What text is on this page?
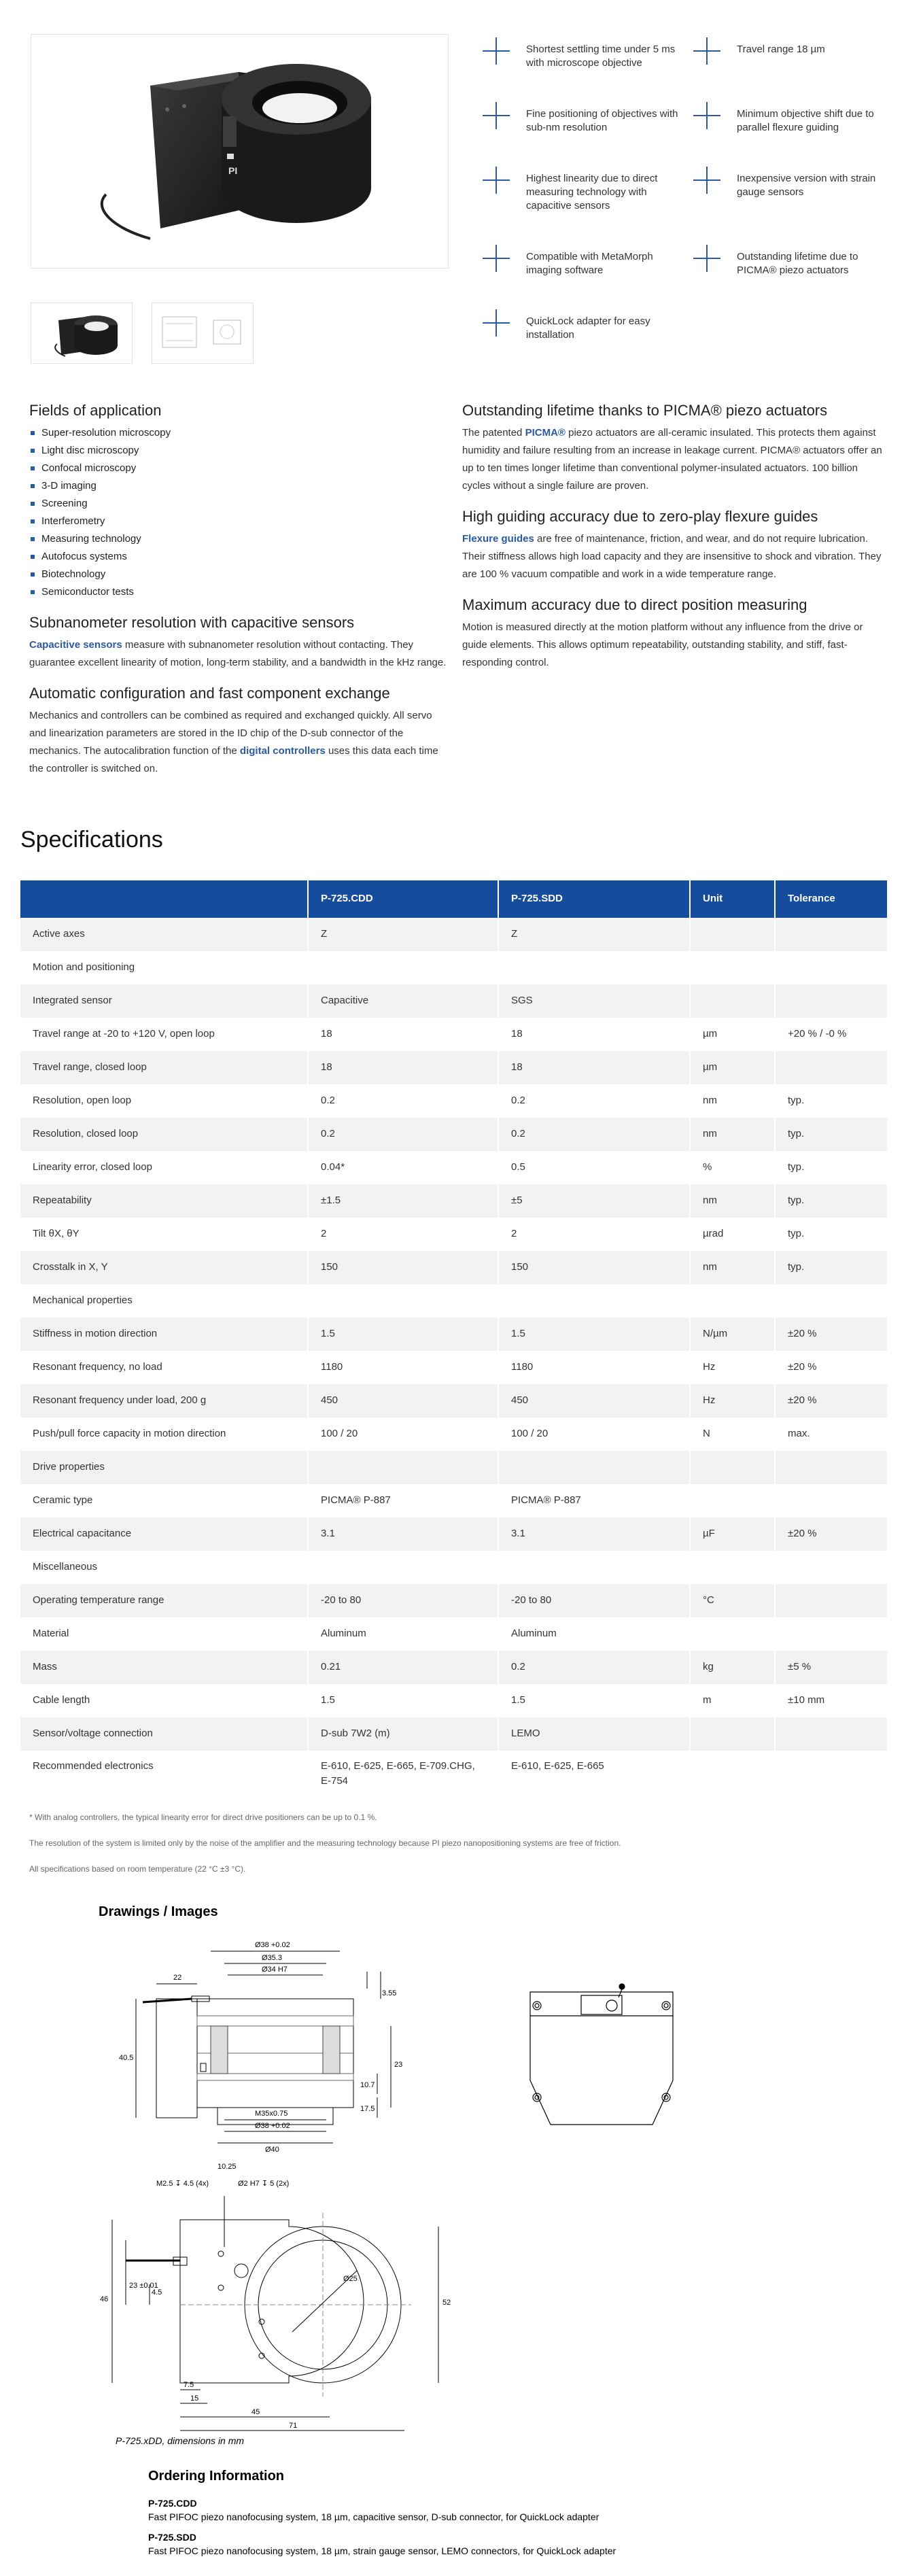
PI
Shortest settling time under 5 ms with microscope objective
Travel range 18 µm
Fine positioning of objectives with sub-nm resolution
Minimum objective shift due to parallel flexure guiding
Highest linearity due to direct measuring technology with capacitive sensors
Inexpensive version with strain gauge sensors
Compatible with MetaMorph imaging software
Outstanding lifetime due to PICMA® piezo actuators
QuickLock adapter for easy installation
Fields of application
Super-resolution microscopy
Light disc microscopy
Confocal microscopy
3-D imaging
Screening
Interferometry
Measuring technology
Autofocus systems
Biotechnology
Semiconductor tests
Subnanometer resolution with capacitive sensors

Capacitive sensors measure with subnanometer resolution without contacting. They guarantee excellent linearity of motion, long-term stability, and a bandwidth in the kHz range.

Automatic configuration and fast component exchange

Mechanics and controllers can be combined as required and exchanged quickly. All servo and linearization parameters are stored in the ID chip of the D-sub connector of the mechanics. The autocalibration function of the digital controllers uses this data each time the controller is switched on.

Outstanding lifetime thanks to PICMA® piezo actuators

The patented PICMA® piezo actuators are all-ceramic insulated. This protects them against humidity and failure resulting from an increase in leakage current. PICMA® actuators offer an up to ten times longer lifetime than conventional polymer-insulated actuators. 100 billion cycles without a single failure are proven.

High guiding accuracy due to zero-play flexure guides

Flexure guides are free of maintenance, friction, and wear, and do not require lubrication. Their stiffness allows high load capacity and they are insensitive to shock and vibration. They are 100 % vacuum compatible and work in a wide temperature range.

Maximum accuracy due to direct position measuring

Motion is measured directly at the motion platform without any influence from the drive or guide elements. This allows optimum repeatability, outstanding stability, and stiff, fast-responding control.

Specifications
	P-725.CDD	P-725.SDD	Unit	Tolerance
Active axes	Z	Z		
Motion and positioning				
Integrated sensor	Capacitive	SGS		
Travel range at -20 to +120 V, open loop	18	18	µm	+20 % / -0 %
Travel range, closed loop	18	18	µm	
Resolution, open loop	0.2	0.2	nm	typ.
Resolution, closed loop	0.2	0.2	nm	typ.
Linearity error, closed loop	0.04*	0.5	%	typ.
Repeatability	±1.5	±5	nm	typ.
Tilt θX, θY	2	2	µrad	typ.
Crosstalk in X, Y	150	150	nm	typ.
Mechanical properties				
Stiffness in motion direction	1.5	1.5	N/µm	±20 %
Resonant frequency, no load	1180	1180	Hz	±20 %
Resonant frequency under load, 200 g	450	450	Hz	±20 %
Push/pull force capacity in motion direction	100 / 20	100 / 20	N	max.
Drive properties				
Ceramic type	PICMA® P-887	PICMA® P-887		
Electrical capacitance	3.1	3.1	µF	±20 %
Miscellaneous				
Operating temperature range	-20 to 80	-20 to 80	°C	
Material	Aluminum	Aluminum		
Mass	0.21	0.2	kg	±5 %
Cable length	1.5	1.5	m	±10 mm
Sensor/voltage connection	D-sub 7W2 (m)	LEMO		
Recommended electronics	E-610, E-625, E-665, E-709.CHG, E-754	E-610, E-625, E-665		

* With analog controllers, the typical linearity error for direct drive positioners can be up to 0.1 %.

The resolution of the system is limited only by the noise of the amplifier and the measuring technology because PI piezo nanopositioning systems are free of friction.

All specifications based on room temperature (22 °C ±3 °C).

Drawings / Images
Ø38 +0.02
Ø35.3
Ø34 H7
22
3.55
40.5
23
10.7
17.5
M35x0.75
Ø38 +0.02
Ø40
10.25
M2.5 ↧ 4.5 (4x)	Ø2 H7 ↧ 5 (2x)
46
23 ±0.01
4.5
52
Ø25
7.5
15
45
71
P-725.xDD, dimensions in mm
Ordering Information
P-725.CDD
Fast PIFOC piezo nanofocusing system, 18 µm, capacitive sensor, D-sub connector, for QuickLock adapter
P-725.SDD
Fast PIFOC piezo nanofocusing system, 18 µm, strain gauge sensor, LEMO connectors, for QuickLock adapter
